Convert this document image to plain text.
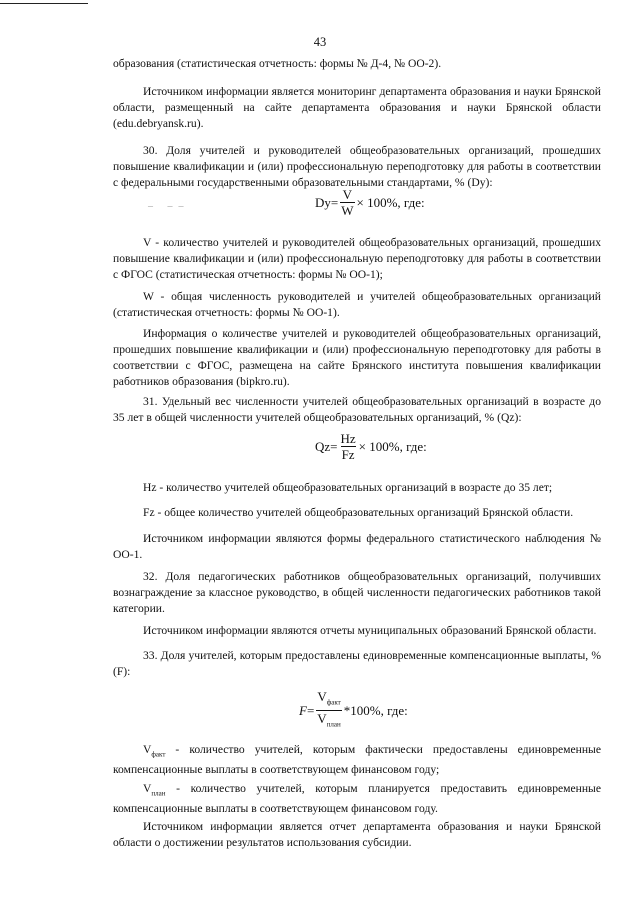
43

образования (статистическая отчетность: формы № Д-4, № ОО-2).

Источником информации является мониторинг департамента образования и науки Брянской области, размещенный на сайте департамента образования и науки Брянской области (edu.debryansk.ru).

30. Доля учителей и руководителей общеобразовательных организаций, прошедших повышение квалификации и (или) профессиональную переподготовку для работы в соответствии с федеральными государственными образовательными стандартами, % (Dy):

– ––	$Dy= \frac{V}{W} \times 100\%$, где:

V - количество учителей и руководителей общеобразовательных организаций, прошедших повышение квалификации и (или) профессиональную переподготовку для работы в соответствии с ФГОС (статистическая отчетность: формы № ОО-1);

W - общая численность руководителей и учителей общеобразовательных организаций (статистическая отчетность: формы № ОО-1).

Информация о количестве учителей и руководителей общеобразовательных организаций, прошедших повышение квалификации и (или) профессиональную переподготовку для работы в соответствии с ФГОС, размещена на сайте Брянского института повышения квалификации работников образования (bipkro.ru).

31. Удельный вес численности учителей общеобразовательных организаций в возрасте до 35 лет в общей численности учителей общеобразовательных организаций, % (Qz):

$Qz= \frac{Hz}{Fz} \times 100\%$, где:

Hz - количество учителей общеобразовательных организаций в возрасте до 35 лет;

Fz - общее количество учителей общеобразовательных организаций Брянской области.

Источником информации являются формы федерального статистического наблюдения № ОО-1.

32. Доля педагогических работников общеобразовательных организаций, получивших вознаграждение за классное руководство, в общей численности педагогических работников такой категории.

Источником информации являются отчеты муниципальных образований Брянской области.

33. Доля учителей, которым предоставлены единовременные компенсационные выплаты, % (F):

$F = \frac{V_{факт}}{V_{план}} *100\%$, где:

$V_{факт}$ - количество учителей, которым фактически предоставлены единовременные компенсационные выплаты в соответствующем финансовом году;

$V_{план}$ - количество учителей, которым планируется предоставить единовременные компенсационные выплаты в соответствующем финансовом году.

Источником информации является отчет департамента образования и науки Брянской области о достижении результатов использования субсидии.
